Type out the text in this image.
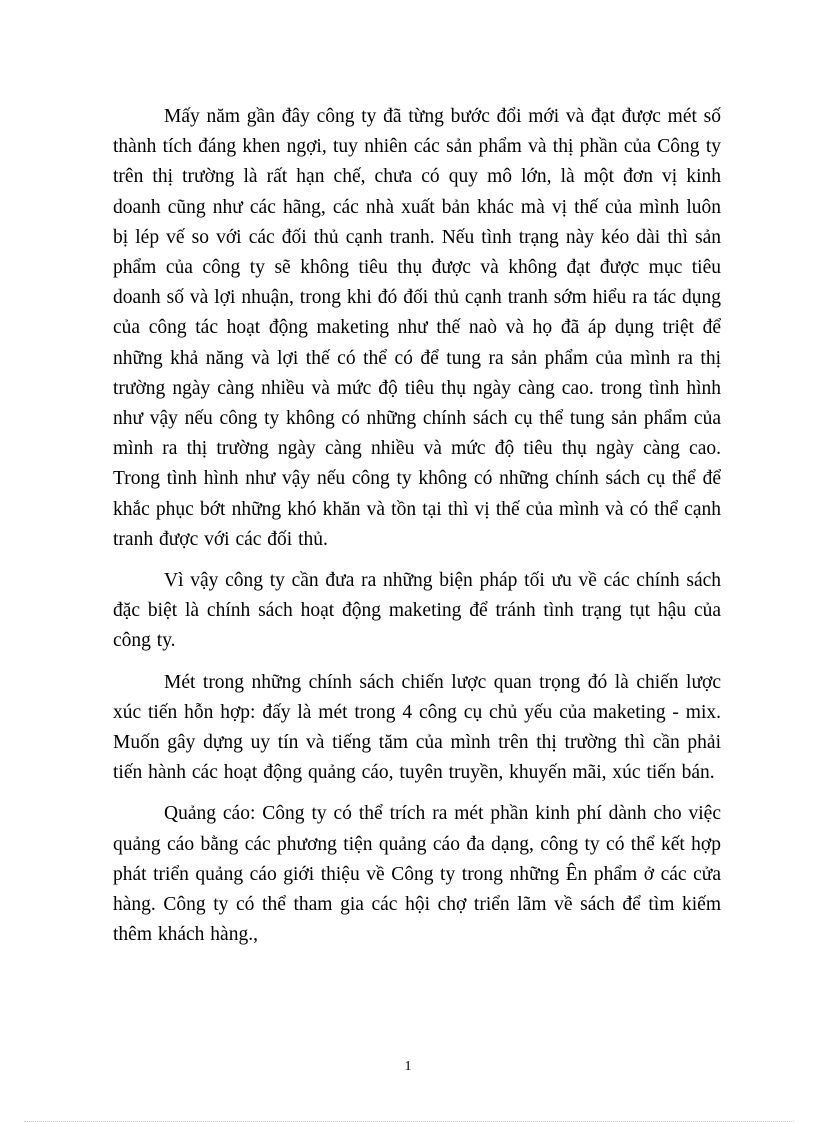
Mấy năm gần đây công ty đã từng bước đổi mới và đạt được mét số thành tích đáng khen ngợi, tuy nhiên các sản phẩm và thị phần của Công ty trên thị trường là rất hạn chế, chưa có quy mô lớn, là một đơn vị kinh doanh cũng như các hãng, các nhà xuất bản khác mà vị thế của mình luôn bị lép vế so với các đối thủ cạnh tranh. Nếu tình trạng này kéo dài thì sản phẩm của công ty sẽ không tiêu thụ được và không đạt được mục tiêu doanh số và lợi nhuận, trong khi đó đối thủ cạnh tranh sớm hiểu ra tác dụng của công tác hoạt động maketing như thế naò và họ đã áp dụng triệt để những khả năng và lợi thế có thể có để tung ra sản phẩm của mình ra thị trường ngày càng nhiều và mức độ tiêu thụ ngày càng cao. trong tình hình như vậy nếu công ty không có những chính sách cụ thể tung sản phẩm của mình ra thị trường ngày càng nhiều và mức độ tiêu thụ ngày càng cao. Trong tình hình như vậy nếu công ty không có những chính sách cụ thể để khắc phục bớt những khó khăn và tồn tại thì vị thế của mình và có thể cạnh tranh được với các đối thủ.

Vì vậy công ty cần đưa ra những biện pháp tối ưu về các chính sách đặc biệt là chính sách hoạt động maketing để tránh tình trạng tụt hậu của công ty.

Mét trong những chính sách chiến lược quan trọng đó là chiến lược xúc tiến hỗn hợp: đấy là mét trong 4 công cụ chủ yếu của maketing - mix. Muốn gây dựng uy tín và tiếng tăm của mình trên thị trường thì cần phải tiến hành các hoạt động quảng cáo, tuyên truyền, khuyến mãi, xúc tiến bán.

Quảng cáo: Công ty có thể trích ra mét phần kinh phí dành cho việc quảng cáo bằng các phương tiện quảng cáo đa dạng, công ty có thể kết hợp phát triển quảng cáo giới thiệu về Công ty trong những Ên phẩm ở các cửa hàng. Công ty có thể tham gia các hội chợ triển lãm về sách để tìm kiếm thêm khách hàng.,

1
